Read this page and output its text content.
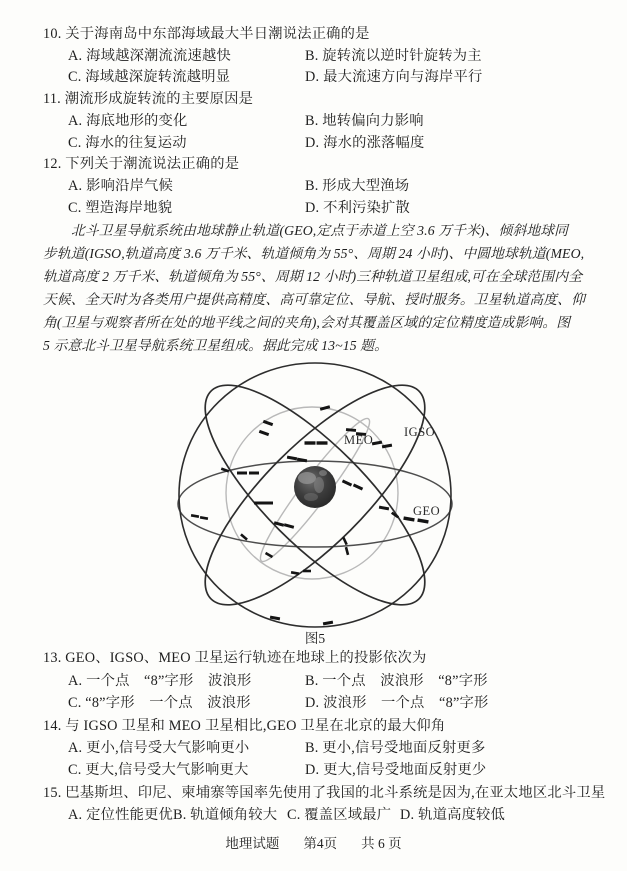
10. 关于海南岛中东部海域最大半日潮说法正确的是
A. 海域越深潮流流速越快	B. 旋转流以逆时针旋转为主
C. 海域越深旋转流越明显	D. 最大流速方向与海岸平行
11. 潮流形成旋转流的主要原因是
A. 海底地形的变化	B. 地转偏向力影响
C. 海水的往复运动	D. 海水的涨落幅度
12. 下列关于潮流说法正确的是
A. 影响沿岸气候	B. 形成大型渔场
C. 塑造海岸地貌	D. 不利污染扩散
北斗卫星导航系统由地球静止轨道(GEO,定点于赤道上空 3.6 万千米)、倾斜地球同
步轨道(IGSO,轨道高度 3.6 万千米、轨道倾角为 55°、周期 24 小时)、中圆地球轨道(MEO,
轨道高度 2 万千米、轨道倾角为 55°、周期 12 小时)三种轨道卫星组成,可在全球范围内全
天候、全天时为各类用户提供高精度、高可靠定位、导航、授时服务。卫星轨道高度、仰
角(卫星与观察者所在处的地平线之间的夹角),会对其覆盖区域的定位精度造成影响。图
5 示意北斗卫星导航系统卫星组成。据此完成 13~15 题。
MEO
IGSO
GEO
图5
13. GEO、IGSO、MEO 卫星运行轨迹在地球上的投影依次为
A. 一个点　“8”字形　波浪形	B. 一个点　波浪形　“8”字形
C. “8”字形　一个点　波浪形	D. 波浪形　一个点　“8”字形
14. 与 IGSO 卫星和 MEO 卫星相比,GEO 卫星在北京的最大仰角
A. 更小,信号受大气影响更小	B. 更小,信号受地面反射更多
C. 更大,信号受大气影响更大	D. 更大,信号受地面反射更少
15. 巴基斯坦、印尼、柬埔寨等国率先使用了我国的北斗系统是因为,在亚太地区北斗卫星
A. 定位性能更优 B. 轨道倾角较大 C. 覆盖区域最广 D. 轨道高度较低
地理试题 第4页 共 6 页
